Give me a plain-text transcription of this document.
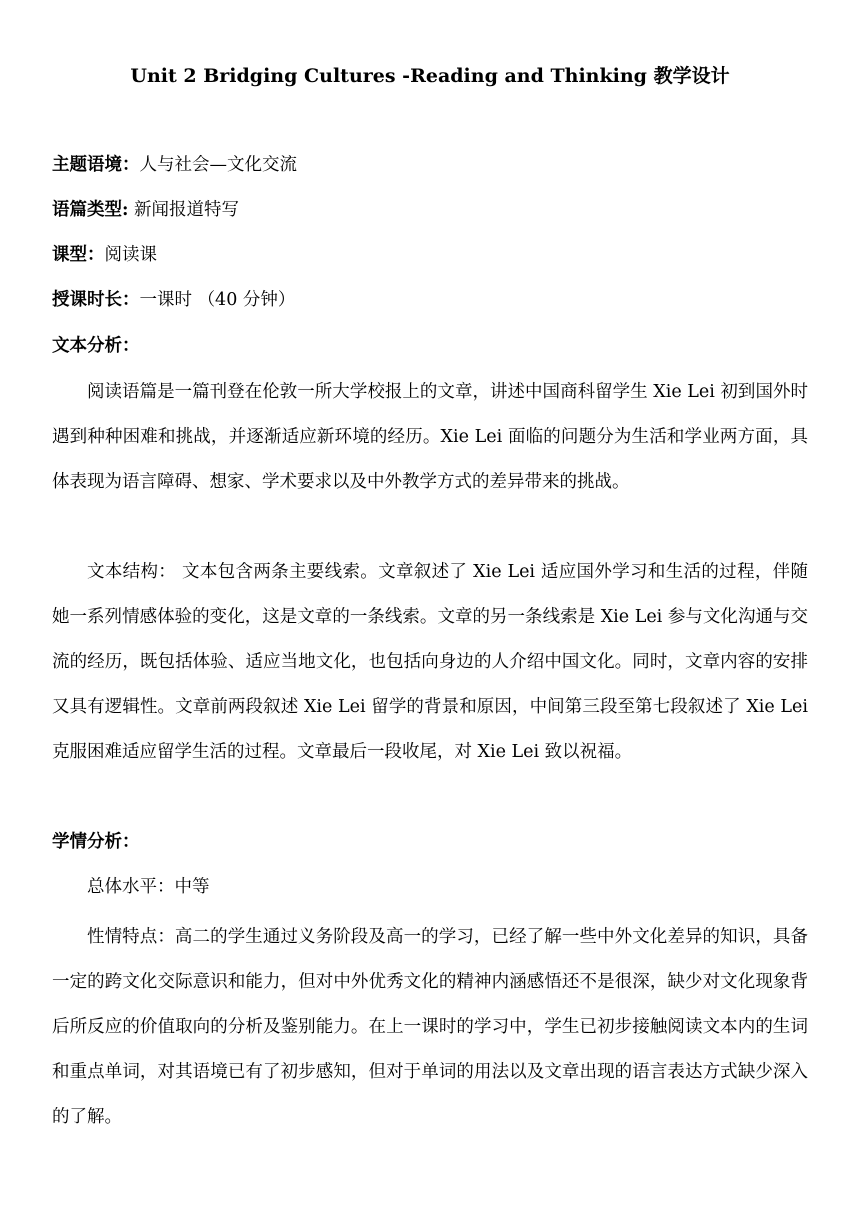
Unit 2 Bridging Cultures -Reading and Thinking 教学设计
主题语境：人与社会—文化交流
语篇类型: 新闻报道特写
课型：阅读课
授课时长：一课时 （40 分钟）
文本分析：
阅读语篇是一篇刊登在伦敦一所大学校报上的文章，讲述中国商科留学生 Xie Lei 初到国外时遇到种种困难和挑战，并逐渐适应新环境的经历。Xie Lei 面临的问题分为生活和学业两方面，具体表现为语言障碍、想家、学术要求以及中外教学方式的差异带来的挑战。
文本结构： 文本包含两条主要线索。文章叙述了 Xie Lei 适应国外学习和生活的过程，伴随她一系列情感体验的变化，这是文章的一条线索。文章的另一条线索是 Xie Lei 参与文化沟通与交流的经历，既包括体验、适应当地文化，也包括向身边的人介绍中国文化。同时，文章内容的安排又具有逻辑性。文章前两段叙述 Xie Lei 留学的背景和原因，中间第三段至第七段叙述了 Xie Lei 克服困难适应留学生活的过程。文章最后一段收尾，对 Xie Lei 致以祝福。
学情分析：
总体水平：中等
性情特点：高二的学生通过义务阶段及高一的学习，已经了解一些中外文化差异的知识，具备一定的跨文化交际意识和能力，但对中外优秀文化的精神内涵感悟还不是很深，缺少对文化现象背后所反应的价值取向的分析及鉴别能力。在上一课时的学习中，学生已初步接触阅读文本内的生词和重点单词，对其语境已有了初步感知，但对于单词的用法以及文章出现的语言表达方式缺少深入的了解。
